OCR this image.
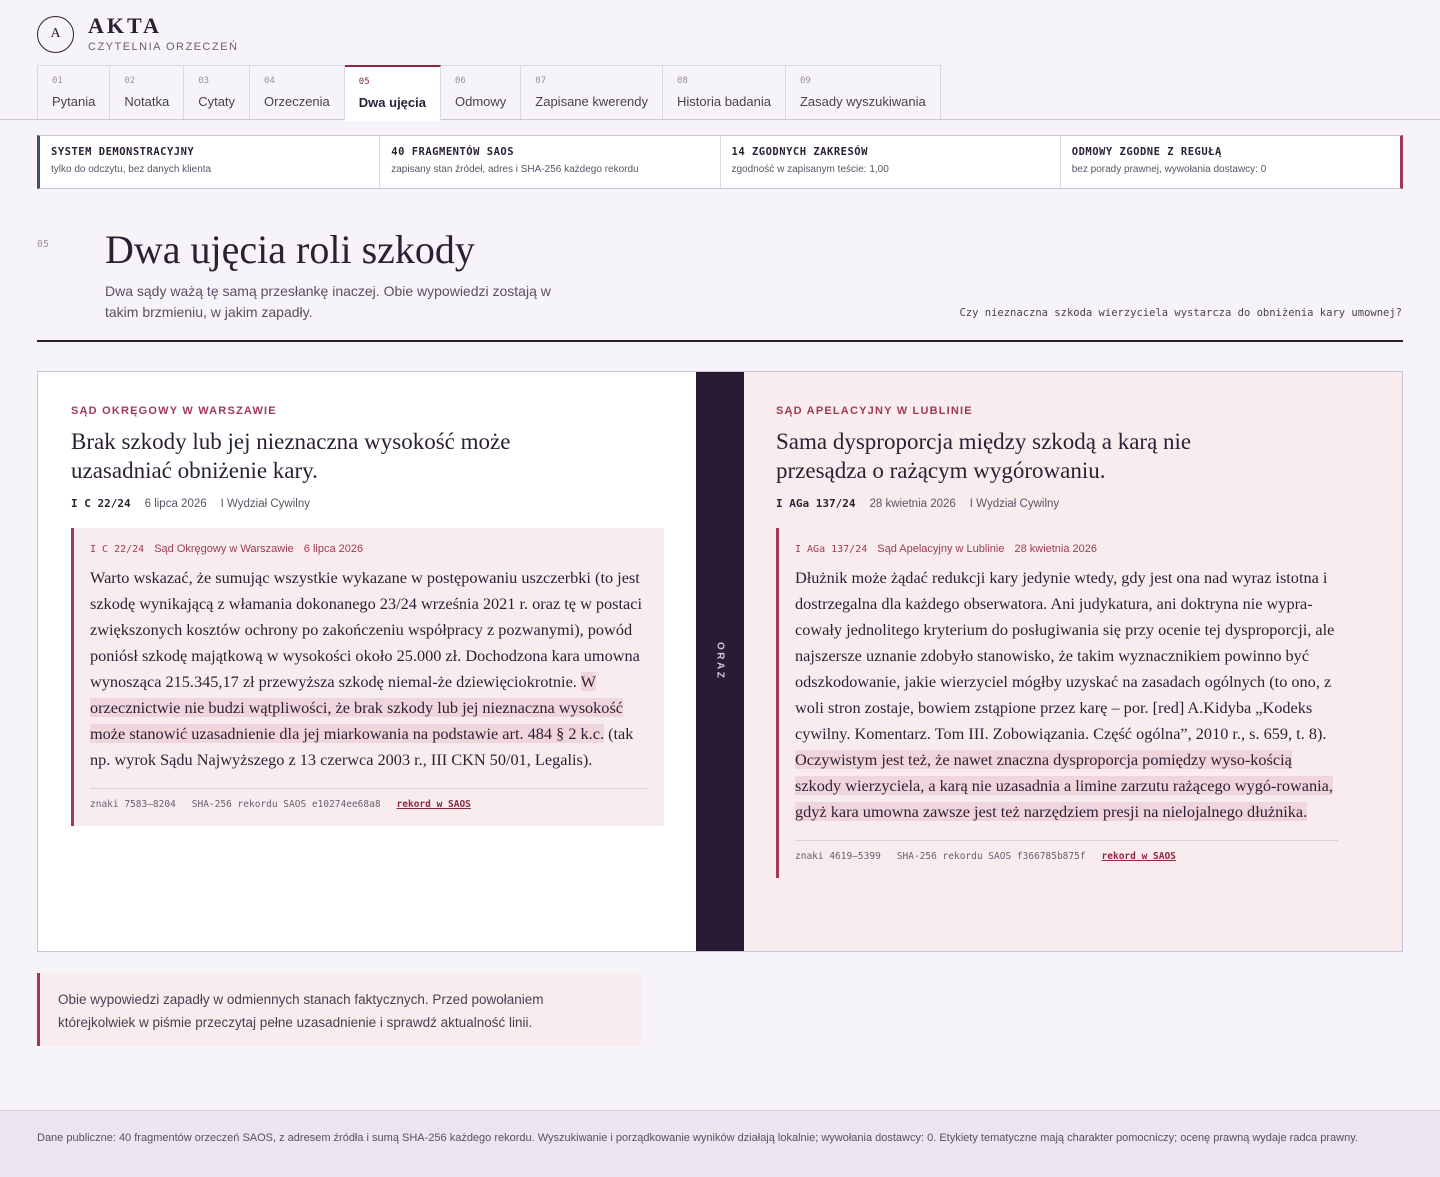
A	AKTA
CZYTELNIA ORZECZEŃ
01
Pytania
02
Notatka
03
Cytaty
04
Orzeczenia
05
Dwa ujęcia
06
Odmowy
07
Zapisane kwerendy
08
Historia badania
09
Zasady wyszukiwania
SYSTEM DEMONSTRACYJNY
tylko do odczytu, bez danych klienta
40 FRAGMENTÓW SAOS
zapisany stan źródeł, adres i SHA-256 każdego rekordu
14 ZGODNYCH ZAKRESÓW
zgodność w zapisanym teście: 1,00
ODMOWY ZGODNE Z REGUŁĄ
bez porady prawnej, wywołania dostawcy: 0
05 Dwa ujęcia roli szkody

Dwa sądy ważą tę samą przesłankę inaczej. Obie wypowiedzi zostają w takim brzmieniu, w jakim zapadły.	Czy nieznaczna szkoda wierzyciela wystarcza do obniżenia kary umownej?
SĄD OKRĘGOWY W WARSZAWIE
Brak szkody lub jej nieznaczna wysokość może uzasadniać obniżenie kary.
I C 22/24 6 lipca 2026 I Wydział Cywilny
I C 22/24 Sąd Okręgowy w Warszawie 6 lipca 2026
Warto wskazać, że sumując wszystkie wykazane w postępowaniu uszczerbki (to jest szkodę wynikającą z włamania dokonanego 23/24 września 2021 r. oraz tę w postaci zwiększonych kosztów ochrony po zakończeniu współpracy z pozwanymi), powód poniósł szkodę majątkową w wysokości około 25.000 zł. Dochodzona kara umowna wynosząca 215.345,17 zł przewyższa szkodę niemal-że dziewięciokrotnie. W orzecznictwie nie budzi wątpliwości, że brak szkody lub jej nieznaczna wysokość może stanowić uzasadnienie dla jej miarkowania na podstawie art. 484 § 2 k.c. (tak np. wyrok Sądu Najwyższego z 13 czerwca 2003 r., III CKN 50/01, Legalis).
znaki 7583–8204 SHA-256 rekordu SAOS e10274ee68a8 rekord w SAOS
ORAZ
SĄD APELACYJNY W LUBLINIE
Sama dysproporcja między szkodą a karą nie przesądza o rażącym wygórowaniu.
I AGa 137/24 28 kwietnia 2026 I Wydział Cywilny
I AGa 137/24 Sąd Apelacyjny w Lublinie 28 kwietnia 2026
Dłużnik może żądać redukcji kary jedynie wtedy, gdy jest ona nad wyraz istotna i dostrzegalna dla każdego obserwatora. Ani judykatura, ani doktryna nie wypra-cowały jednolitego kryterium do posługiwania się przy ocenie tej dysproporcji, ale najszersze uznanie zdobyło stanowisko, że takim wyznacznikiem powinno być odszkodowanie, jakie wierzyciel mógłby uzyskać na zasadach ogólnych (to ono, z woli stron zostaje, bowiem zstąpione przez karę – por. [red] A.Kidyba „Kodeks cywilny. Komentarz. Tom III. Zobowiązania. Część ogólna”, 2010 r., s. 659, t. 8). Oczywistym jest też, że nawet znaczna dysproporcja pomiędzy wyso-kością szkody wierzyciela, a karą nie uzasadnia a limine zarzutu rażącego wygó-rowania, gdyż kara umowna zawsze jest też narzędziem presji na nielojalnego dłużnika.
znaki 4619–5399 SHA-256 rekordu SAOS f366785b875f rekord w SAOS
Obie wypowiedzi zapadły w odmiennych stanach faktycznych. Przed powołaniem którejkolwiek w piśmie przeczytaj pełne uzasadnienie i sprawdź aktualność linii.
Dane publiczne: 40 fragmentów orzeczeń SAOS, z adresem źródła i sumą SHA-256 każdego rekordu. Wyszukiwanie i porządkowanie wyników działają lokalnie; wywołania dostawcy: 0. Etykiety tematyczne mają charakter pomocniczy; ocenę prawną wydaje radca prawny.
